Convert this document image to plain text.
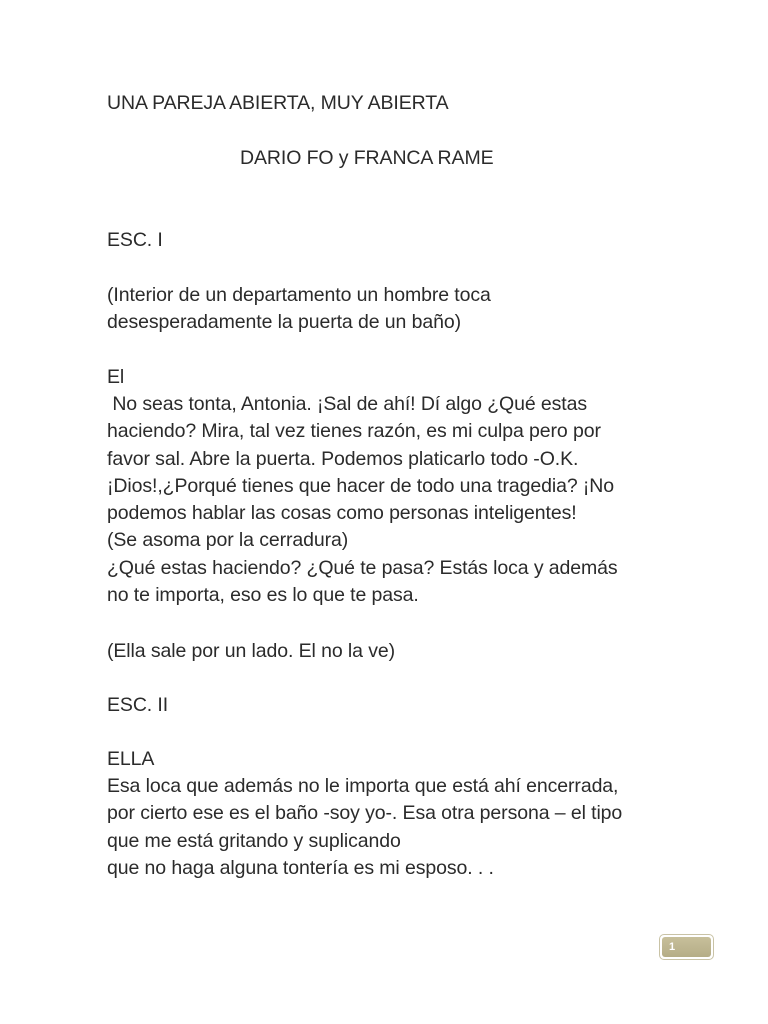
UNA PAREJA ABIERTA, MUY ABIERTA
DARIO FO y FRANCA RAME
ESC. I
(Interior de un departamento un hombre toca
desesperadamente la puerta de un baño)
El
No seas tonta, Antonia. ¡Sal de ahí! Dí algo ¿Qué estas
haciendo? Mira, tal vez tienes razón, es mi culpa pero por
favor sal. Abre la puerta. Podemos platicarlo todo -O.K.
¡Dios!,¿Porqué tienes que hacer de todo una tragedia? ¡No
podemos hablar las cosas como personas inteligentes!
(Se asoma por la cerradura)
¿Qué estas haciendo? ¿Qué te pasa? Estás loca y además
no te importa, eso es lo que te pasa.
(Ella sale por un lado. El no la ve)
ESC. II
ELLA
Esa loca que además no le importa que está ahí encerrada,
por cierto ese es el baño -soy yo-. Esa otra persona – el tipo
que me está gritando y suplicando
que no haga alguna tontería es mi esposo. . .
1
